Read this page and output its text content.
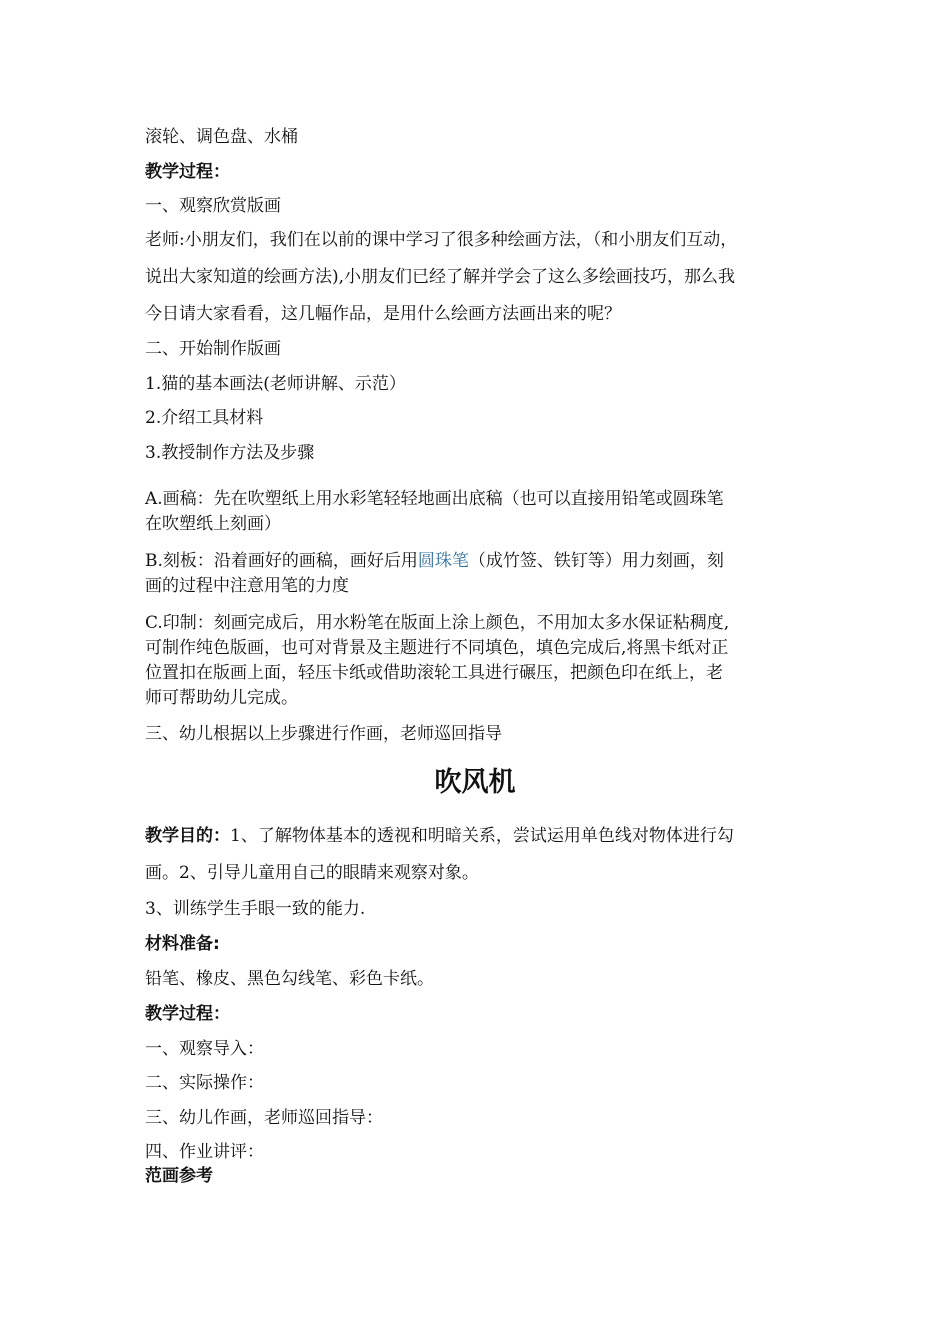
滚轮、调色盘、水桶
教学过程：
一、观察欣赏版画
老师:小朋友们，我们在以前的课中学习了很多种绘画方法，（和小朋友们互动，
说出大家知道的绘画方法),小朋友们已经了解并学会了这么多绘画技巧，那么我
今日请大家看看，这几幅作品，是用什么绘画方法画出来的呢？
二、开始制作版画
1.猫的基本画法(老师讲解、示范）
2.介绍工具材料
3.教授制作方法及步骤
A.画稿：先在吹塑纸上用水彩笔轻轻地画出底稿（也可以直接用铅笔或圆珠笔
在吹塑纸上刻画）
B.刻板：沿着画好的画稿，画好后用圆珠笔（成竹签、铁钉等）用力刻画，刻
画的过程中注意用笔的力度
C.印制：刻画完成后，用水粉笔在版面上涂上颜色，不用加太多水保证粘稠度,
可制作纯色版画，也可对背景及主题进行不同填色，填色完成后,将黑卡纸对正
位置扣在版画上面，轻压卡纸或借助滚轮工具进行碾压，把颜色印在纸上，老
师可帮助幼儿完成。
三、幼儿根据以上步骤进行作画，老师巡回指导
吹风机
教学目的：1、了解物体基本的透视和明暗关系，尝试运用单色线对物体进行勾
画。2、引导儿童用自己的眼睛来观察对象。
3、训练学生手眼一致的能力.
材料准备:
铅笔、橡皮、黑色勾线笔、彩色卡纸。
教学过程：
一、观察导入：
二、实际操作：
三、幼儿作画，老师巡回指导：
四、作业讲评：
范画参考
